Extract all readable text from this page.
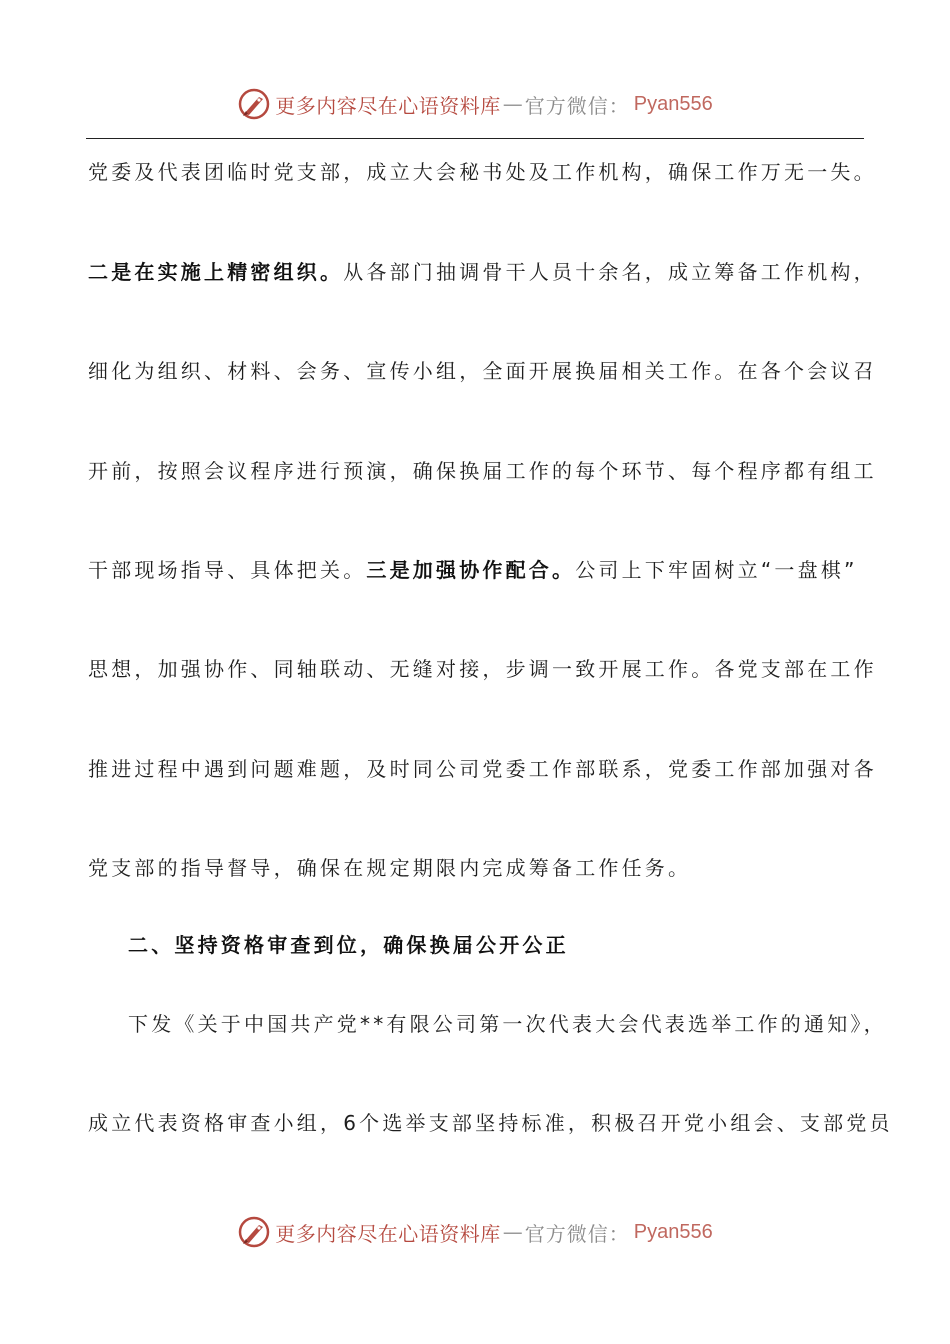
更多内容尽在心语资料库 — 官方微信： Pyan556
党委及代表团临时党支部，成立大会秘书处及工作机构，确保工作万无一失。
二是在实施上精密组织。从各部门抽调骨干人员十余名，成立筹备工作机构，
细化为组织、材料、会务、宣传小组，全面开展换届相关工作。在各个会议召
开前，按照会议程序进行预演，确保换届工作的每个环节、每个程序都有组工
干部现场指导、具体把关。三是加强协作配合。公司上下牢固树立“一盘棋”
思想，加强协作、同轴联动、无缝对接，步调一致开展工作。各党支部在工作
推进过程中遇到问题难题，及时同公司党委工作部联系，党委工作部加强对各
党支部的指导督导，确保在规定期限内完成筹备工作任务。
二、坚持资格审查到位，确保换届公开公正
下发《关于中国共产党**有限公司第一次代表大会代表选举工作的通知》，
成立代表资格审查小组，6个选举支部坚持标准，积极召开党小组会、支部党员
更多内容尽在心语资料库 — 官方微信： Pyan556
